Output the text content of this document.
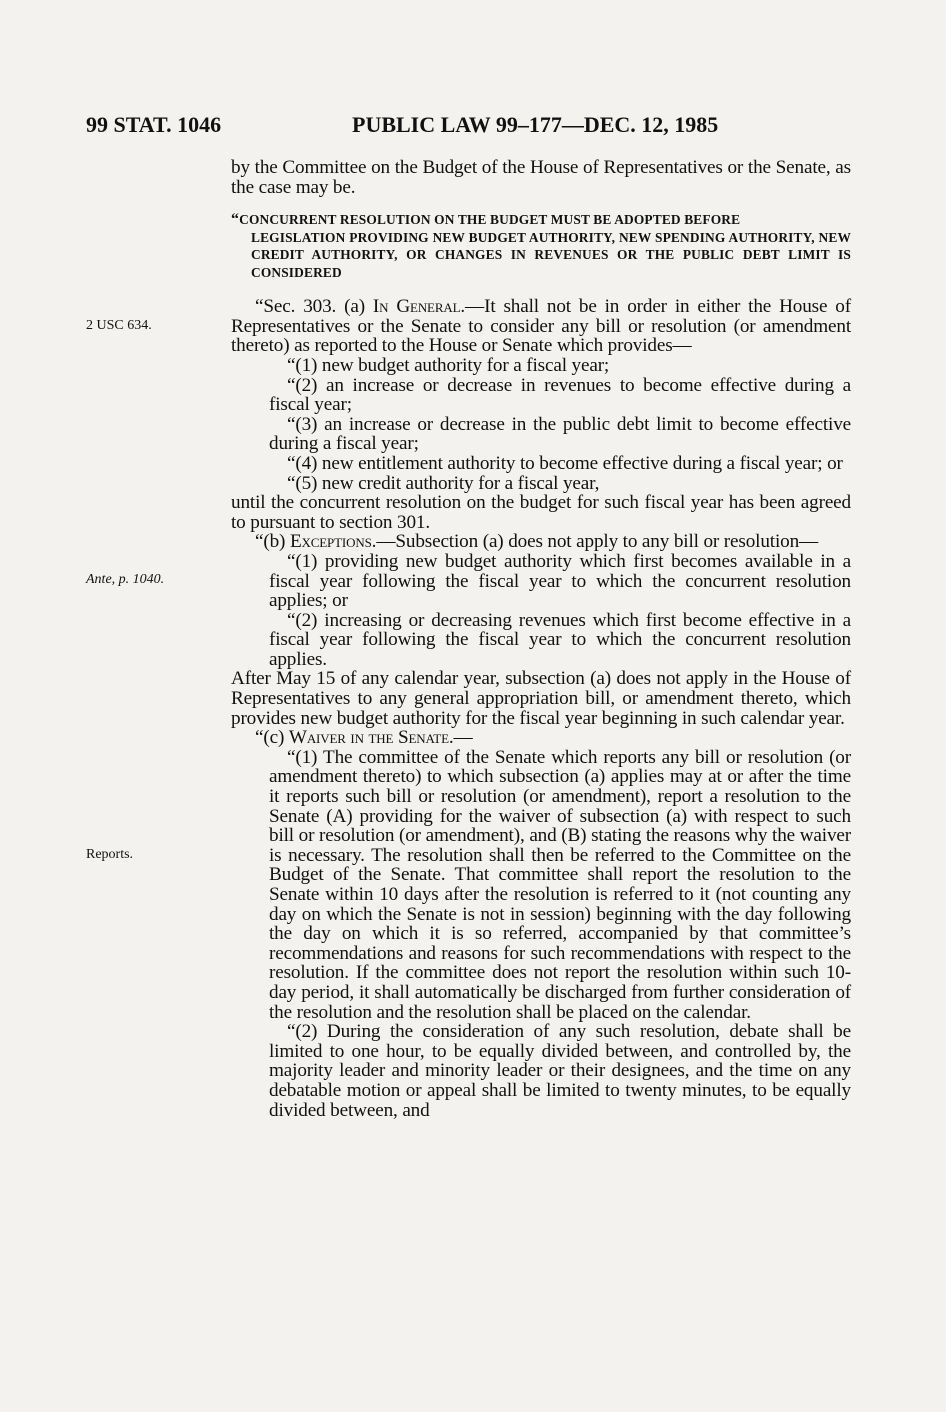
99 STAT. 1046	PUBLIC LAW 99–177—DEC. 12, 1985
2 USC 634.
Ante, p. 1040.
Reports.

by the Committee on the Budget of the House of Representatives or the Senate, as the case may be.

“CONCURRENT RESOLUTION ON THE BUDGET MUST BE ADOPTED BEFORE
LEGISLATION PROVIDING NEW BUDGET AUTHORITY, NEW SPENDING AUTHORITY, NEW CREDIT AUTHORITY, OR CHANGES IN REVENUES OR THE PUBLIC DEBT LIMIT IS CONSIDERED

“Sec. 303. (a) In General.—It shall not be in order in either the House of Representatives or the Senate to consider any bill or resolution (or amendment thereto) as reported to the House or Senate which provides—

“(1) new budget authority for a fiscal year;

“(2) an increase or decrease in revenues to become effective during a fiscal year;

“(3) an increase or decrease in the public debt limit to become effective during a fiscal year;

“(4) new entitlement authority to become effective during a fiscal year; or

“(5) new credit authority for a fiscal year,

until the concurrent resolution on the budget for such fiscal year has been agreed to pursuant to section 301.

“(b) Exceptions.—Subsection (a) does not apply to any bill or resolution—

“(1) providing new budget authority which first becomes available in a fiscal year following the fiscal year to which the concurrent resolution applies; or

“(2) increasing or decreasing revenues which first become effective in a fiscal year following the fiscal year to which the concurrent resolution applies.

After May 15 of any calendar year, subsection (a) does not apply in the House of Representatives to any general appropriation bill, or amendment thereto, which provides new budget authority for the fiscal year beginning in such calendar year.

“(c) Waiver in the Senate.—

“(1) The committee of the Senate which reports any bill or resolution (or amendment thereto) to which subsection (a) applies may at or after the time it reports such bill or resolution (or amendment), report a resolution to the Senate (A) providing for the waiver of subsection (a) with respect to such bill or resolution (or amendment), and (B) stating the reasons why the waiver is necessary. The resolution shall then be referred to the Committee on the Budget of the Senate. That committee shall report the resolution to the Senate within 10 days after the resolution is referred to it (not counting any day on which the Senate is not in session) beginning with the day following the day on which it is so referred, accompanied by that committee’s recommendations and reasons for such recommendations with respect to the resolution. If the committee does not report the resolution within such 10-day period, it shall automatically be discharged from further consideration of the resolution and the resolution shall be placed on the calendar.

“(2) During the consideration of any such resolution, debate shall be limited to one hour, to be equally divided between, and controlled by, the majority leader and minority leader or their designees, and the time on any debatable motion or appeal shall be limited to twenty minutes, to be equally divided between, and
